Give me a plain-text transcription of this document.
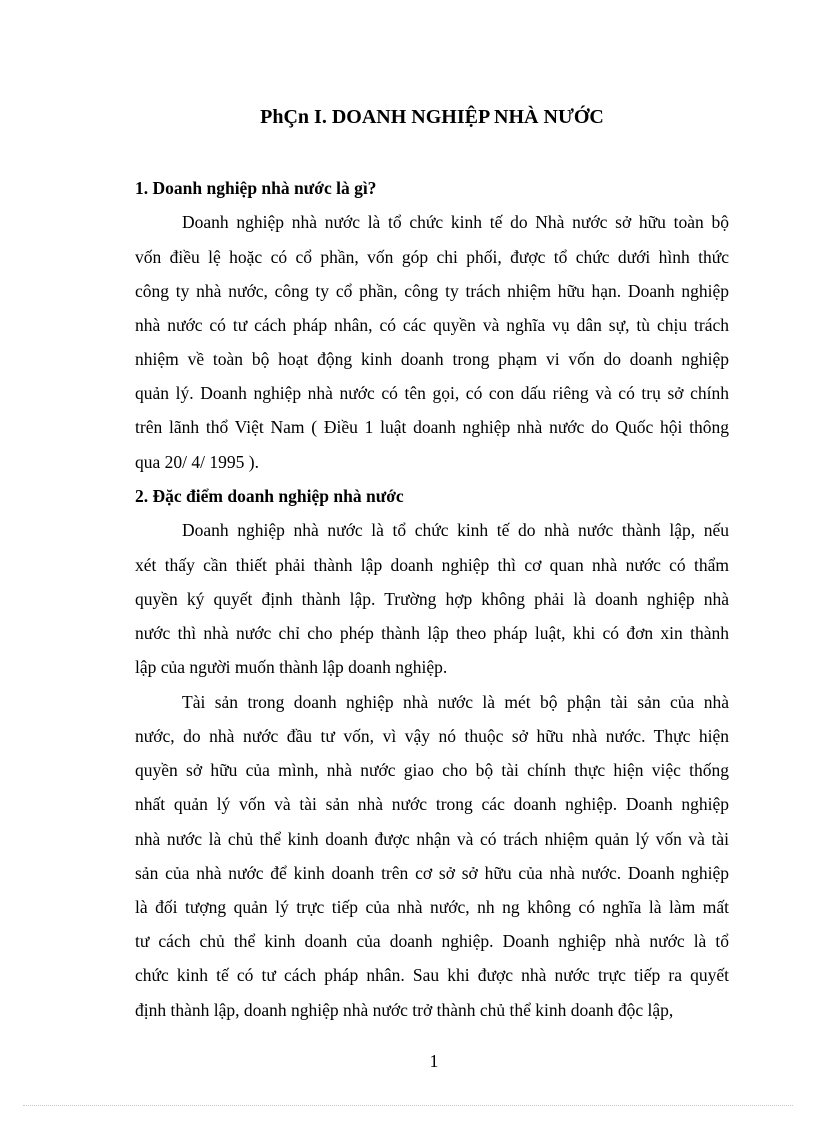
PhÇn I. DOANH NGHIỆP NHÀ NƯỚC
1. Doanh nghiệp nhà nước là gì?
Doanh nghiệp nhà nước là tổ chức kinh tế do Nhà nước sở hữu toàn bộ
vốn điều lệ hoặc có cổ phần, vốn góp chi phối, được tổ chức dưới hình thức
công ty nhà nước, công ty cổ phần, công ty trách nhiệm hữu hạn. Doanh nghiệp
nhà nước có tư cách pháp nhân, có các quyền và nghĩa vụ dân sự, tù chịu trách
nhiệm về toàn bộ hoạt động kinh doanh trong phạm vi vốn do doanh nghiệp
quản lý. Doanh nghiệp nhà nước có tên gọi, có con dấu riêng và có trụ sở chính
trên lãnh thổ Việt Nam ( Điều 1 luật doanh nghiệp nhà nước do Quốc hội thông
qua 20/ 4/ 1995 ).
2. Đặc điểm doanh nghiệp nhà nước
Doanh nghiệp nhà nước là tổ chức kinh tế do nhà nước thành lập, nếu
xét thấy cần thiết phải thành lập doanh nghiệp thì cơ quan nhà nước có thẩm
quyền ký quyết định thành lập. Trường hợp không phải là doanh nghiệp nhà
nước thì nhà nước chỉ cho phép thành lập theo pháp luật, khi có đơn xin thành
lập của người muốn thành lập doanh nghiệp.
Tài sản trong doanh nghiệp nhà nước là mét bộ phận tài sản của nhà
nước, do nhà nước đầu tư vốn, vì vậy nó thuộc sở hữu nhà nước. Thực hiện
quyền sở hữu của mình, nhà nước giao cho bộ tài chính thực hiện việc thống
nhất quản lý vốn và tài sản nhà nước trong các doanh nghiệp. Doanh nghiệp
nhà nước là chủ thể kinh doanh được nhận và có trách nhiệm quản lý vốn và tài
sản của nhà nước để kinh doanh trên cơ sở sở hữu của nhà nước. Doanh nghiệp
là đối tượng quản lý trực tiếp của nhà nước, nh ng không có nghĩa là làm mất
tư cách chủ thể kinh doanh của doanh nghiệp. Doanh nghiệp nhà nước là tổ
chức kinh tế có tư cách pháp nhân. Sau khi được nhà nước trực tiếp ra quyết
định thành lập, doanh nghiệp nhà nước trở thành chủ thể kinh doanh độc lập,
1
